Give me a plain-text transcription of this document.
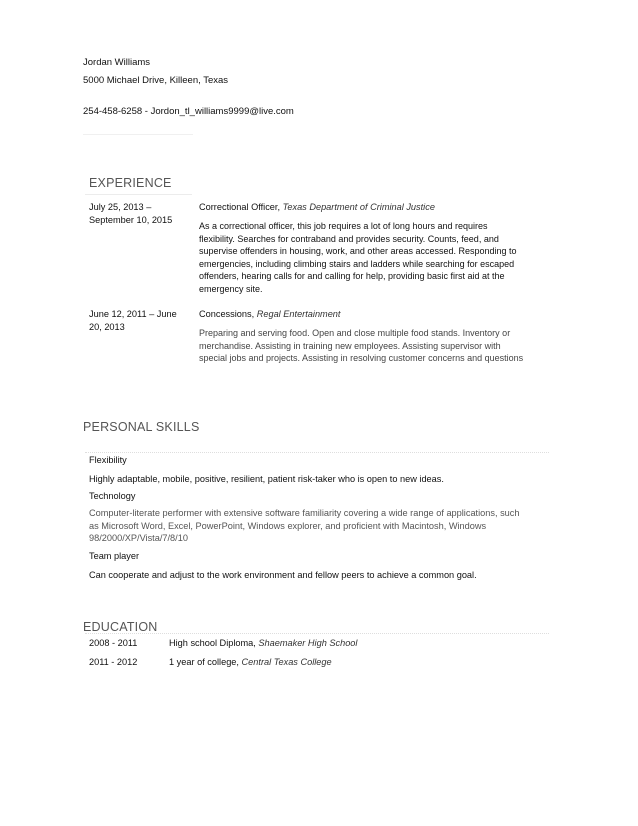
Jordan Williams
5000 Michael Drive, Killeen, Texas
254-458-6258 - Jordon_tl_williams9999@live.com
EXPERIENCE
July 25, 2013 – September 10, 2015
Correctional Officer, Texas Department of Criminal Justice
As a correctional officer, this job requires a lot of long hours and requires flexibility. Searches for contraband and provides security. Counts, feed, and supervise offenders in housing, work, and other areas accessed. Responding to emergencies, including climbing stairs and ladders while searching for escaped offenders, hearing calls for and calling for help, providing basic first aid at the emergency site.
June 12, 2011 – June 20, 2013
Concessions, Regal Entertainment
Preparing and serving food. Open and close multiple food stands. Inventory or merchandise. Assisting in training new employees. Assisting supervisor with special jobs and projects. Assisting in resolving customer concerns and questions
PERSONAL SKILLS
Flexibility
Highly adaptable, mobile, positive, resilient, patient risk-taker who is open to new ideas.
Technology
Computer-literate performer with extensive software familiarity covering a wide range of applications, such as Microsoft Word, Excel, PowerPoint, Windows explorer, and proficient with Macintosh, Windows 98/2000/XP/Vista/7/8/10
Team player
Can cooperate and adjust to the work environment and fellow peers to achieve a common goal.
EDUCATION
2008 - 2011	High school Diploma, Shaemaker High School
2011 - 2012	1 year of college, Central Texas College
